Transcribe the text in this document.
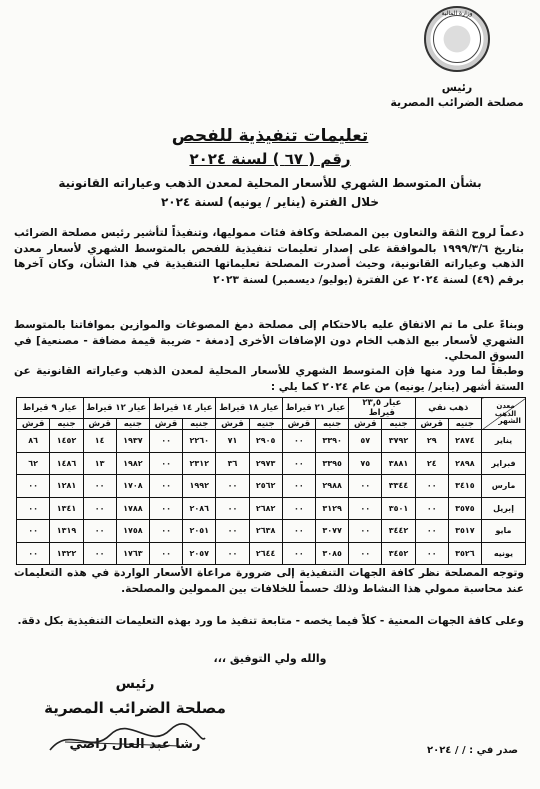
وزارة المالية
رئيس
مصلحة الضرائب المصرية
تعليمات تنفيذية للفحص
رقم ( ٦٧ ) لسنة ٢٠٢٤
بشأن المتوسط الشهري للأسعار المحلية لمعدن الذهب وعياراته القانونية
خلال الفترة (يناير / يونيه) لسنة ٢٠٢٤
دعماً لروح الثقة والتعاون بين المصلحة وكافة فئات مموليها، وتنفيذاً لتأشير رئيس مصلحة الضرائب بتاريخ ١٩٩٩/٣/٦ بالموافقة على إصدار تعليمات تنفيذية للفحص بالمتوسط الشهري لأسعار معدن الذهب وعياراته القانونية، وحيث أصدرت المصلحة تعليماتها التنفيذية في هذا الشأن، وكان آخرها برقم (٤٩) لسنة ٢٠٢٤ عن الفترة (يوليو/ ديسمبر) لسنة ٢٠٢٣
وبناءً على ما تم الاتفاق عليه بالاحتكام إلى مصلحة دمغ المصوغات والموازين بموافاتنا بالمتوسط الشهري لأسعار بيع الذهب الخام دون الإضافات الأخرى [دمغة - ضريبة قيمة مضافة - مصنعية] في السوق المحلي.
وطبقاً لما ورد منها فإن المتوسط الشهري للأسعار المحلية لمعدن الذهب وعياراته القانونية عن الستة أشهر (يناير/ يونيه) من عام ٢٠٢٤ كما يلي :
معدن الذهب
الشهر	ذهب نقي		عيار ٢٣,٥ قيراط		عيار ٢١ قيراط		عيار ١٨ قيراط		عيار ١٤ قيراط		عيار ١٢ قيراط		عيار ٩ قيراط	
	جنيه	قرش	جنيه	قرش	جنيه	قرش	جنيه	قرش	جنيه	قرش	جنيه	قرش	جنيه	قرش
يناير	٢٨٧٤	٢٩	٣٧٩٢	٥٧	٣٣٩٠	٠٠	٢٩٠٥	٧١	٢٢٦٠	٠٠	١٩٣٧	١٤	١٤٥٢	٨٦
فبراير	٢٨٩٨	٢٤	٣٨٨١	٧٥	٣٣٩٥	٠٠	٢٩٧٣	٣٦	٢٣١٢	٠٠	١٩٨٢	١٣	١٤٨٦	٦٢
مارس	٣٤١٥	٠٠	٣٣٤٤	٠٠	٢٩٨٨	٠٠	٢٥٦٢	٠٠	١٩٩٢	٠٠	١٧٠٨	٠٠	١٢٨١	٠٠
إبريل	٣٥٧٥	٠٠	٣٥٠١	٠٠	٣١٢٩	٠٠	٢٦٨٢	٠٠	٢٠٨٦	٠٠	١٧٨٨	٠٠	١٣٤١	٠٠
مايو	٣٥١٧	٠٠	٣٤٤٢	٠٠	٣٠٧٧	٠٠	٢٦٣٨	٠٠	٢٠٥١	٠٠	١٧٥٨	٠٠	١٣١٩	٠٠
يونيه	٣٥٢٦	٠٠	٣٤٥٢	٠٠	٣٠٨٥	٠٠	٢٦٤٤	٠٠	٢٠٥٧	٠٠	١٧٦٣	٠٠	١٣٢٢	٠٠
وتوجه المصلحة نظر كافة الجهات التنفيذية إلى ضرورة مراعاة الأسعار الواردة في هذه التعليمات عند محاسبة ممولي هذا النشاط وذلك حسماً للخلافات بين الممولين والمصلحة.
وعلى كافة الجهات المعنية - كلاً فيما يخصه - متابعة تنفيذ ما ورد بهذه التعليمات التنفيذية بكل دقة.
والله ولي التوفيق ،،،
رئيس
مصلحة الضرائب المصرية
رشا عبد العال راضي	صدر في : / / ٢٠٢٤
